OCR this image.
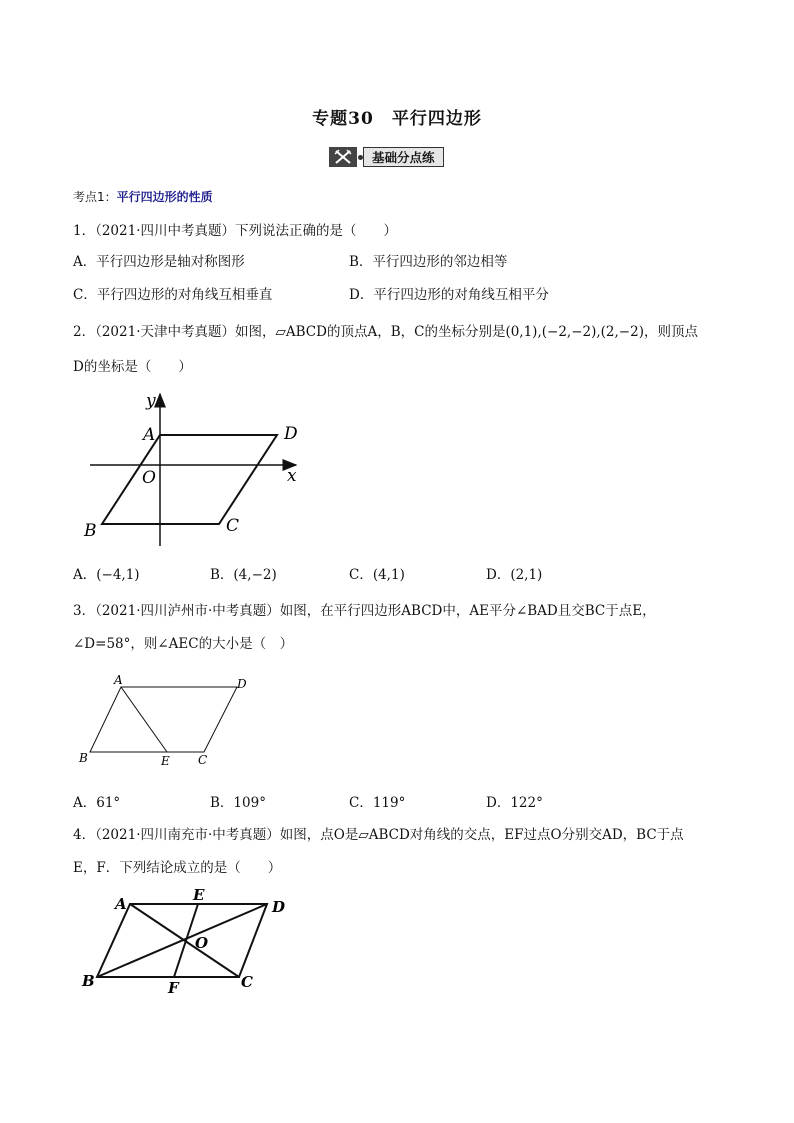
专题30　平行四边形
基础分点练
考点1：平行四边形的性质
1．（2021·四川中考真题）下列说法正确的是（　　）
A．平行四边形是轴对称图形	B．平行四边形的邻边相等
C．平行四边形的对角线互相垂直	D．平行四边形的对角线互相平分
2．（2021·天津中考真题）如图，▱ABCD的顶点A，B，C的坐标分别是(0,1),(−2,−2),(2,−2)，则顶点
D的坐标是（　　）
A	D
C
B
O	x
y
A．(−4,1)	B．(4,−2)	C．(4,1)	D．(2,1)
3．（2021·四川泸州市·中考真题）如图，在平行四边形ABCD中，AE平分∠BAD且交BC于点E，
∠D=58°，则∠AEC的大小是（　）
A	D
C
B	E
A．61°	B．109°	C．119°	D．122°
4．（2021·四川南充市·中考真题）如图，点O是▱ABCD对角线的交点，EF过点O分别交AD，BC于点
E，F．下列结论成立的是（　　）
A	D
C
B
E
F
O
